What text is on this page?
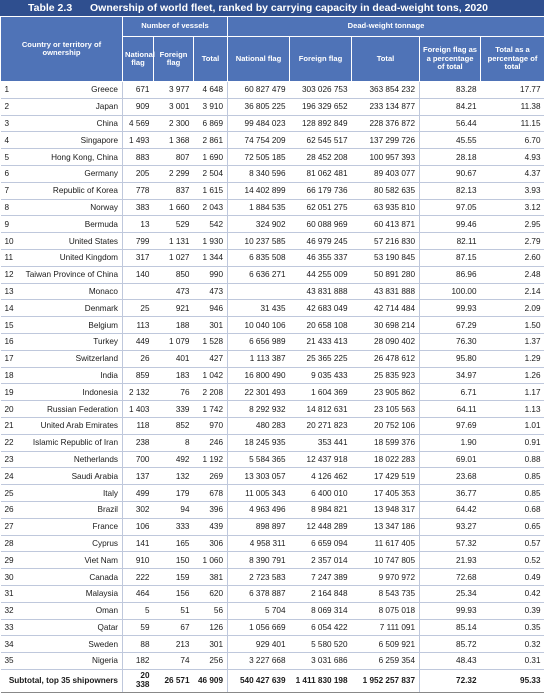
Table 2.3	Ownership of world fleet, ranked by carrying capacity in dead-weight tons, 2020
Country or territory of ownership		Number of vessels			Dead-weight tonnage				
		National flag	Foreign flag	Total	National flag	Foreign flag	Total	Foreign flag as a percentage of total	Total as a percentage of total
1	Greece	671	3 977	4 648	60 827 479	303 026 753	363 854 232	83.28	17.77
2	Japan	909	3 001	3 910	36 805 225	196 329 652	233 134 877	84.21	11.38
3	China	4 569	2 300	6 869	99 484 023	128 892 849	228 376 872	56.44	11.15
4	Singapore	1 493	1 368	2 861	74 754 209	62 545 517	137 299 726	45.55	6.70
5	Hong Kong, China	883	807	1 690	72 505 185	28 452 208	100 957 393	28.18	4.93
6	Germany	205	2 299	2 504	8 340 596	81 062 481	89 403 077	90.67	4.37
7	Republic of Korea	778	837	1 615	14 402 899	66 179 736	80 582 635	82.13	3.93
8	Norway	383	1 660	2 043	1 884 535	62 051 275	63 935 810	97.05	3.12
9	Bermuda	13	529	542	324 902	60 088 969	60 413 871	99.46	2.95
10	United States	799	1 131	1 930	10 237 585	46 979 245	57 216 830	82.11	2.79
11	United Kingdom	317	1 027	1 344	6 835 508	46 355 337	53 190 845	87.15	2.60
12	Taiwan Province of China	140	850	990	6 636 271	44 255 009	50 891 280	86.96	2.48
13	Monaco		473	473		43 831 888	43 831 888	100.00	2.14
14	Denmark	25	921	946	31 435	42 683 049	42 714 484	99.93	2.09
15	Belgium	113	188	301	10 040 106	20 658 108	30 698 214	67.29	1.50
16	Turkey	449	1 079	1 528	6 656 989	21 433 413	28 090 402	76.30	1.37
17	Switzerland	26	401	427	1 113 387	25 365 225	26 478 612	95.80	1.29
18	India	859	183	1 042	16 800 490	9 035 433	25 835 923	34.97	1.26
19	Indonesia	2 132	76	2 208	22 301 493	1 604 369	23 905 862	6.71	1.17
20	Russian Federation	1 403	339	1 742	8 292 932	14 812 631	23 105 563	64.11	1.13
21	United Arab Emirates	118	852	970	480 283	20 271 823	20 752 106	97.69	1.01
22	Islamic Republic of Iran	238	8	246	18 245 935	353 441	18 599 376	1.90	0.91
23	Netherlands	700	492	1 192	5 584 365	12 437 918	18 022 283	69.01	0.88
24	Saudi Arabia	137	132	269	13 303 057	4 126 462	17 429 519	23.68	0.85
25	Italy	499	179	678	11 005 343	6 400 010	17 405 353	36.77	0.85
26	Brazil	302	94	396	4 963 496	8 984 821	13 948 317	64.42	0.68
27	France	106	333	439	898 897	12 448 289	13 347 186	93.27	0.65
28	Cyprus	141	165	306	4 958 311	6 659 094	11 617 405	57.32	0.57
29	Viet Nam	910	150	1 060	8 390 791	2 357 014	10 747 805	21.93	0.52
30	Canada	222	159	381	2 723 583	7 247 389	9 970 972	72.68	0.49
31	Malaysia	464	156	620	6 378 887	2 164 848	8 543 735	25.34	0.42
32	Oman	5	51	56	5 704	8 069 314	8 075 018	99.93	0.39
33	Qatar	59	67	126	1 056 669	6 054 422	7 111 091	85.14	0.35
34	Sweden	88	213	301	929 401	5 580 520	6 509 921	85.72	0.32
35	Nigeria	182	74	256	3 227 668	3 031 686	6 259 354	48.43	0.31
Subtotal, top 35 shipowners		20 338	26 571	46 909	540 427 639	1 411 830 198	1 952 257 837	72.32	95.33
